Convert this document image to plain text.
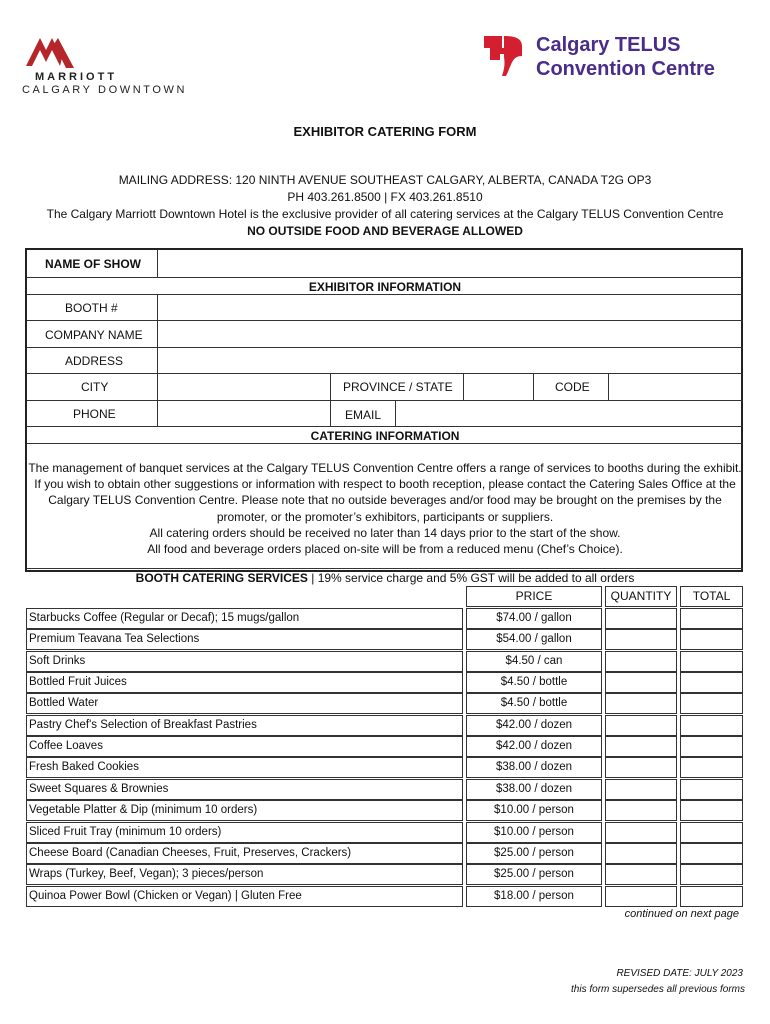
MARRIOTT
CALGARY DOWNTOWN
Calgary TELUS
Convention Centre
EXHIBITOR CATERING FORM
MAILING ADDRESS: 120 NINTH AVENUE SOUTHEAST CALGARY, ALBERTA, CANADA T2G OP3
PH 403.261.8500 | FX 403.261.8510
The Calgary Marriott Downtown Hotel is the exclusive provider of all catering services at the Calgary TELUS Convention Centre
NO OUTSIDE FOOD AND BEVERAGE ALLOWED
NAME OF SHOW
EXHIBITOR INFORMATION
BOOTH #
COMPANY NAME
ADDRESS
CITY	PROVINCE / STATE	CODE
PHONE	EMAIL
CATERING INFORMATION
The management of banquet services at the Calgary TELUS Convention Centre offers a range of services to booths during the exhibit.
If you wish to obtain other suggestions or information with respect to booth reception, please contact the Catering Sales Office at the
Calgary TELUS Convention Centre. Please note that no outside beverages and/or food may be brought on the premises by the
promoter, or the promoter’s exhibitors, participants or suppliers.
All catering orders should be received no later than 14 days prior to the start of the show.
All food and beverage orders placed on-site will be from a reduced menu (Chef’s Choice).
BOOTH CATERING SERVICES | 19% service charge and 5% GST will be added to all orders
PRICE	QUANTITY	TOTAL
Starbucks Coffee (Regular or Decaf); 15 mugs/gallon	$74.00 / gallon
Premium Teavana Tea Selections	$54.00 / gallon
Soft Drinks	$4.50 / can
Bottled Fruit Juices	$4.50 / bottle
Bottled Water	$4.50 / bottle
Pastry Chef's Selection of Breakfast Pastries	$42.00 / dozen
Coffee Loaves	$42.00 / dozen
Fresh Baked Cookies	$38.00 / dozen
Sweet Squares & Brownies	$38.00 / dozen
Vegetable Platter & Dip (minimum 10 orders)	$10.00 / person
Sliced Fruit Tray (minimum 10 orders)	$10.00 / person
Cheese Board (Canadian Cheeses, Fruit, Preserves, Crackers)	$25.00 / person
Wraps (Turkey, Beef, Vegan); 3 pieces/person	$25.00 / person
Quinoa Power Bowl (Chicken or Vegan) | Gluten Free	$18.00 / person
continued on next page
REVISED DATE: JULY 2023
this form supersedes all previous forms
